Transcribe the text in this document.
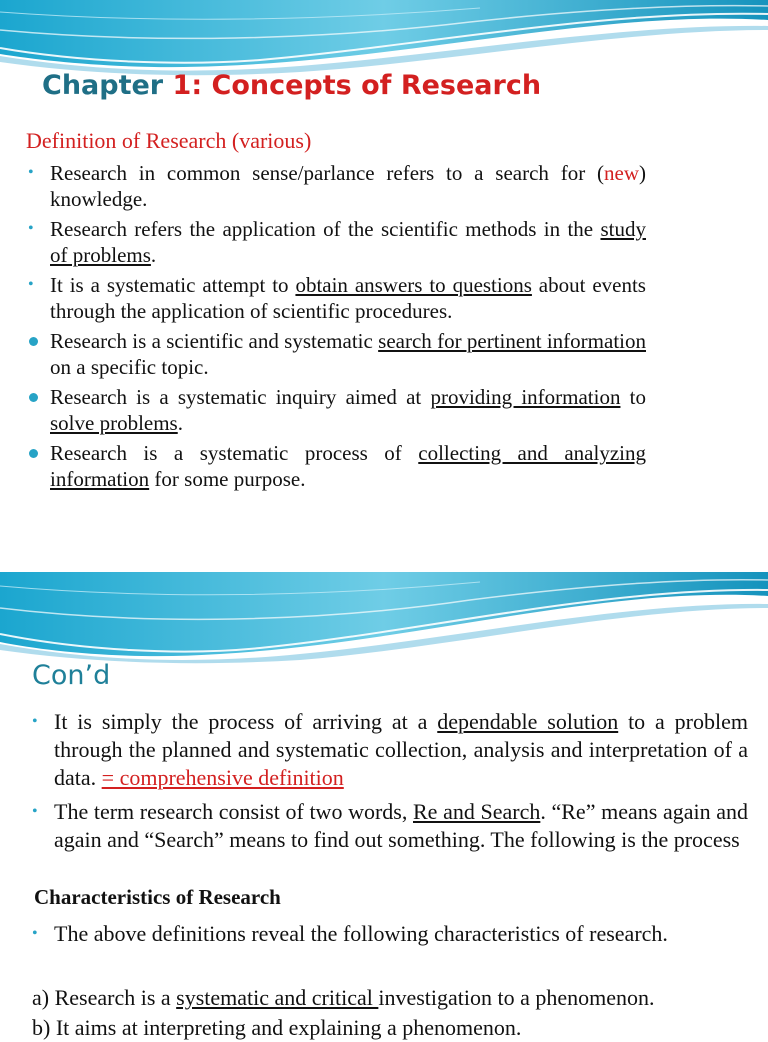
Chapter 1: Concepts of Research
Definition of Research (various)
• Research in common sense/parlance refers to a search for (new) knowledge.
• Research refers the application of the scientific methods in the study of problems.
• It is a systematic attempt to obtain answers to questions about events through the application of scientific procedures.
Research is a scientific and systematic search for pertinent information on a specific topic.
Research is a systematic inquiry aimed at providing information to solve problems.
Research is a systematic process of collecting and analyzing information for some purpose.
Con’d
• It is simply the process of arriving at a dependable solution to a problem through the planned and systematic collection, analysis and interpretation of a data. = comprehensive definition
• The term research consist of two words, Re and Search. “Re” means again and again and “Search” means to find out something. The following is the process
Characteristics of Research
• The above definitions reveal the following characteristics of research.

a) Research is a systematic and critical investigation to a phenomenon.

b) It aims at interpreting and explaining a phenomenon.
